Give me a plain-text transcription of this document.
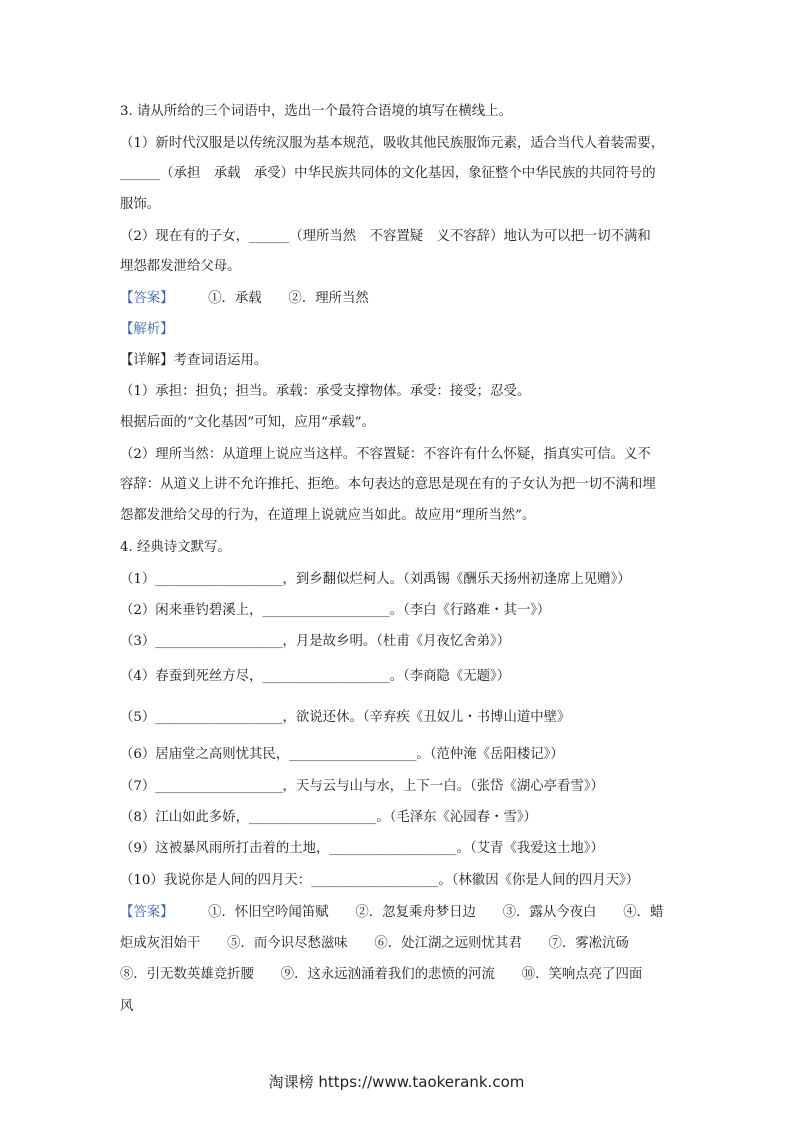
3. 请从所给的三个词语中，选出一个最符合语境的填写在横线上。
（1）新时代汉服是以传统汉服为基本规范，吸收其他民族服饰元素，适合当代人着装需要，
______（承担　承载　承受）中华民族共同体的文化基因，象征整个中华民族的共同符号的
服饰。
（2）现在有的子女，______（理所当然　不容置疑　义不容辞）地认为可以把一切不满和
埋怨都发泄给父母。
【答案】	①．承载　　②．理所当然
【解析】
【详解】考查词语运用。
（1）承担：担负；担当。承载：承受支撑物体。承受：接受；忍受。
根据后面的“文化基因”可知，应用“承载”。
（2）理所当然：从道理上说应当这样。不容置疑：不容许有什么怀疑，指真实可信。义不
容辞：从道义上讲不允许推托、拒绝。本句表达的意思是现在有的子女认为把一切不满和埋
怨都发泄给父母的行为，在道理上说就应当如此。故应用“理所当然”。
4. 经典诗文默写。
（1）___________________，到乡翻似烂柯人。（刘禹锡《酬乐天扬州初逢席上见赠》）
（2）闲来垂钓碧溪上，___________________。（李白《行路难・其一》）
（3）___________________，月是故乡明。（杜甫《月夜忆舍弟》）
（4）春蚕到死丝方尽，___________________。（李商隐《无题》）
（5）___________________，欲说还休。（辛弃疾《丑奴儿・书博山道中壁》
（6）居庙堂之高则忧其民，___________________。（范仲淹《岳阳楼记》）
（7）___________________，天与云与山与水，上下一白。（张岱《湖心亭看雪》）
（8）江山如此多娇，___________________。（毛泽东《沁园春・雪》）
（9）这被暴风雨所打击着的土地，___________________。（艾青《我爱这土地》）
（10）我说你是人间的四月天：___________________。（林徽因《你是人间的四月天》）
【答案】	①．怀旧空吟闻笛赋　　②．忽复乘舟梦日边　　③．露从今夜白　　④．蜡
炬成灰泪始干　　⑤．而今识尽愁滋味　　⑥．处江湖之远则忧其君　　⑦．雾凇沆砀
⑧．引无数英雄竞折腰　　⑨．这永远汹涌着我们的悲愤的河流　　⑩．笑响点亮了四面
风
淘课榜 https://www.taokerank.com
